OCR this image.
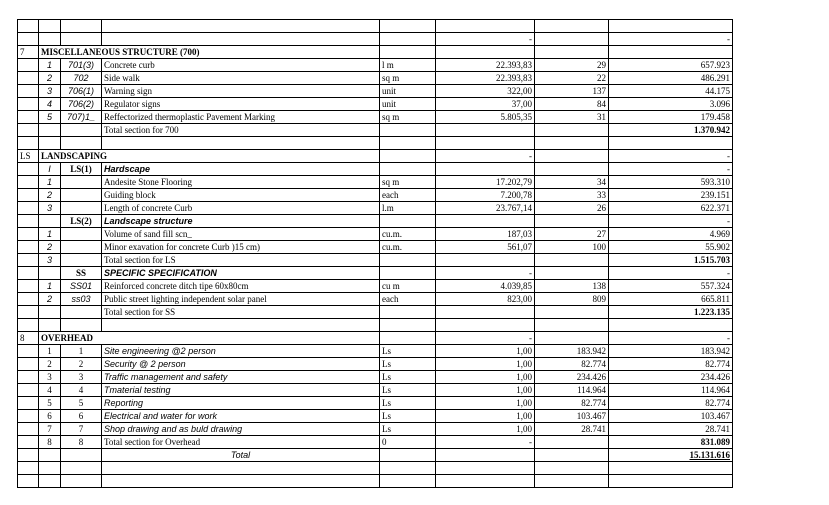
					-		-
7	MISCELLANEOUS STRUCTURE (700)						
	1	701(3)	Concrete curb	l m	22.393,83	29	657.923
	2	702	Side walk	sq m	22.393,83	22	486.291
	3	706(1)	Warning sign	unit	322,00	137	44.175
	4	706(2)	Regulator signs	unit	37,00	84	3.096
	5	707)1_	Reffectorized thermoplastic Pavement Marking	sq m	5.805,35	31	179.458
			Total section for 700				1.370.942

LS	LANDSCAPING				-		-
	I	LS(1)	Hardscape				-
	1		Andesite Stone Flooring	sq m	17.202,79	34	593.310
	2		Guiding block	each	7.200,78	33	239.151
	3		Length of concrete Curb	l.m	23.767,14	26	622.371
		LS(2)	Landscape structure				-
	1		Volume of sand fill scn_	cu.m.	187,03	27	4.969
	2		Minor exavation for concrete Curb )15 cm)	cu.m.	561,07	100	55.902
	3		Total section for LS				1.515.703
		SS	SPECIFIC SPECIFICATION		-		-
	1	SS01	Reinforced concrete ditch tipe 60x80cm	cu m	4.039,85	138	557.324
	2	ss03	Public street lighting independent solar panel	each	823,00	809	665.811
			Total section for SS				1.223.135

8	OVERHEAD				-		-
	1	1	Site engineering @2 person	Ls	1,00	183.942	183.942
	2	2	Security @ 2 person	Ls	1,00	82.774	82.774
	3	3	Traffic management and safety	Ls	1,00	234.426	234.426
	4	4	Tmaterial testing	Ls	1,00	114.964	114.964
	5	5	Reporting	Ls	1,00	82.774	82.774
	6	6	Electrical and water for work	Ls	1,00	103.467	103.467
	7	7	Shop drawing and as buld drawing	Ls	1,00	28.741	28.741
	8	8	Total section for Overhead	0	-		831.089
			Total				15.131.616
